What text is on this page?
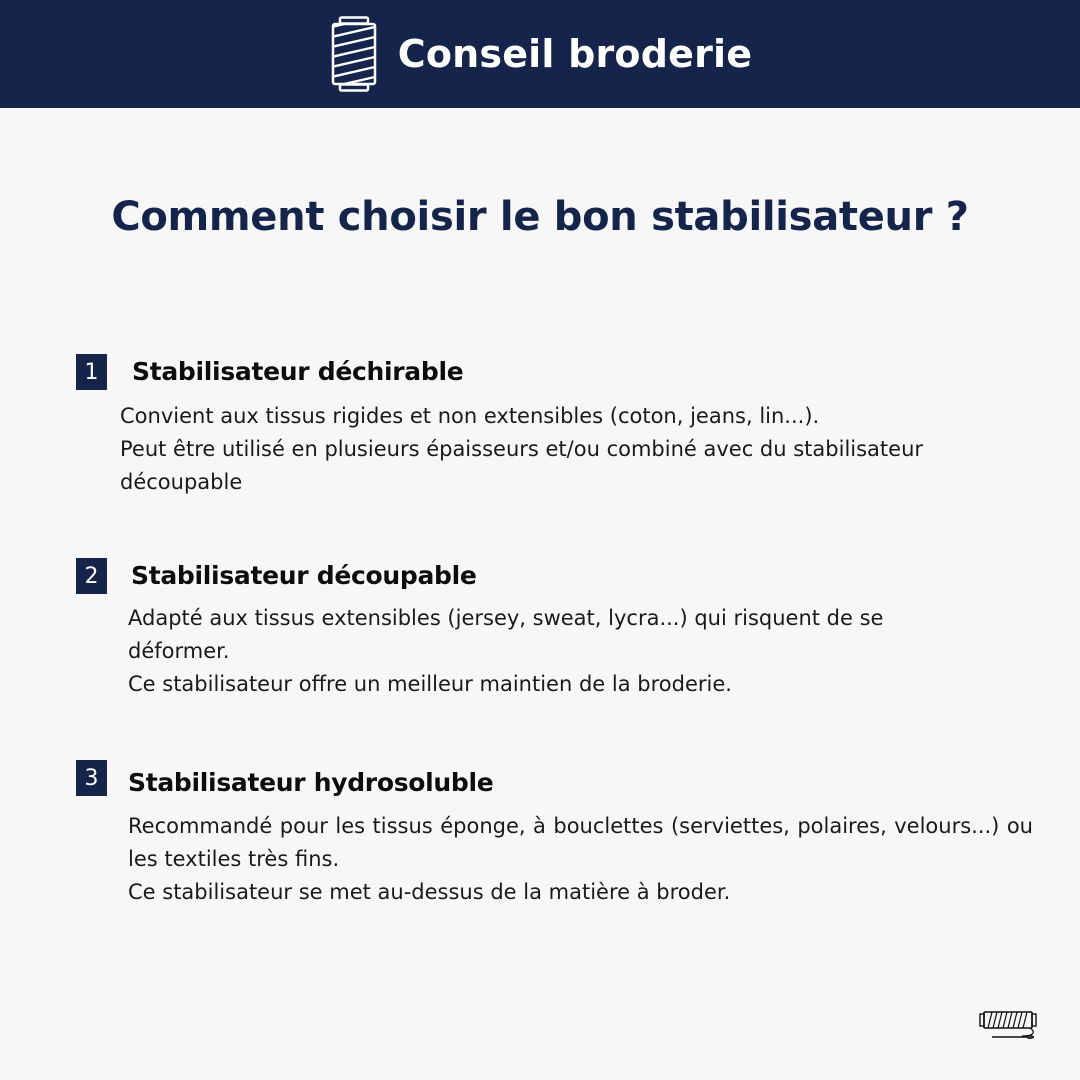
Conseil broderie
Comment choisir le bon stabilisateur ?
1	Stabilisateur déchirable

Convient aux tissus rigides et non extensibles (coton, jeans, lin...).

Peut être utilisé en plusieurs épaisseurs et/ou combiné avec du stabilisateur découpable

2	Stabilisateur découpable

Adapté aux tissus extensibles (jersey, sweat, lycra...) qui risquent de se déformer.

Ce stabilisateur offre un meilleur maintien de la broderie.

3	Stabilisateur hydrosoluble

Recommandé pour les tissus éponge, à bouclettes (serviettes, polaires, velours...) ou les textiles très fins.

Ce stabilisateur se met au-dessus de la matière à broder.
